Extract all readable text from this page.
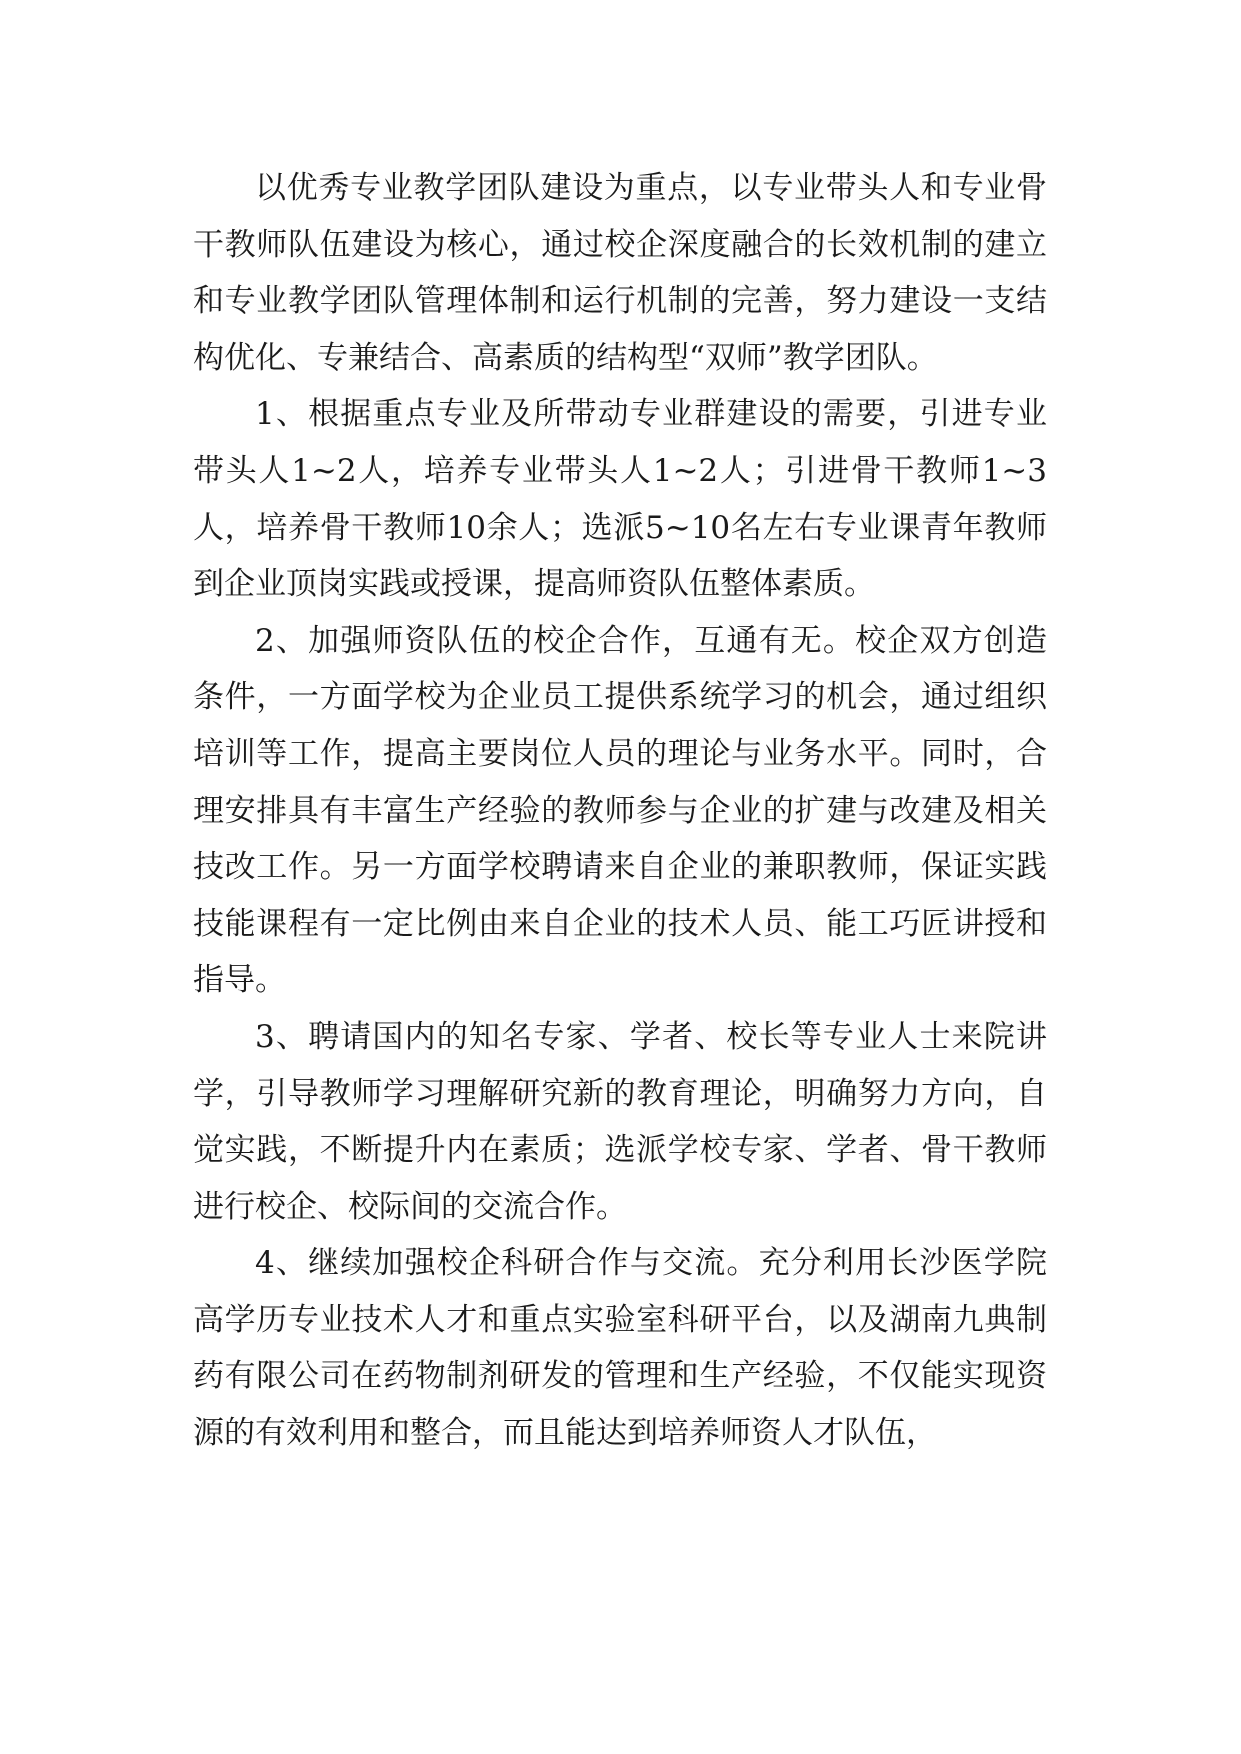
以优秀专业教学团队建设为重点，以专业带头人和专业骨干教师队伍建设为核心，通过校企深度融合的长效机制的建立和专业教学团队管理体制和运行机制的完善，努力建设一支结构优化、专兼结合、高素质的结构型“双师”教学团队。

1、根据重点专业及所带动专业群建设的需要，引进专业带头人1~2人，培养专业带头人1~2人；引进骨干教师1~3人，培养骨干教师10余人；选派5~10名左右专业课青年教师到企业顶岗实践或授课，提高师资队伍整体素质。

2、加强师资队伍的校企合作，互通有无。校企双方创造条件，一方面学校为企业员工提供系统学习的机会，通过组织培训等工作，提高主要岗位人员的理论与业务水平。同时，合理安排具有丰富生产经验的教师参与企业的扩建与改建及相关技改工作。另一方面学校聘请来自企业的兼职教师，保证实践技能课程有一定比例由来自企业的技术人员、能工巧匠讲授和指导。

3、聘请国内的知名专家、学者、校长等专业人士来院讲学，引导教师学习理解研究新的教育理论，明确努力方向，自觉实践，不断提升内在素质；选派学校专家、学者、骨干教师进行校企、校际间的交流合作。

4、继续加强校企科研合作与交流。充分利用长沙医学院高学历专业技术人才和重点实验室科研平台，以及湖南九典制药有限公司在药物制剂研发的管理和生产经验，不仅能实现资源的有效利用和整合，而且能达到培养师资人才队伍，
